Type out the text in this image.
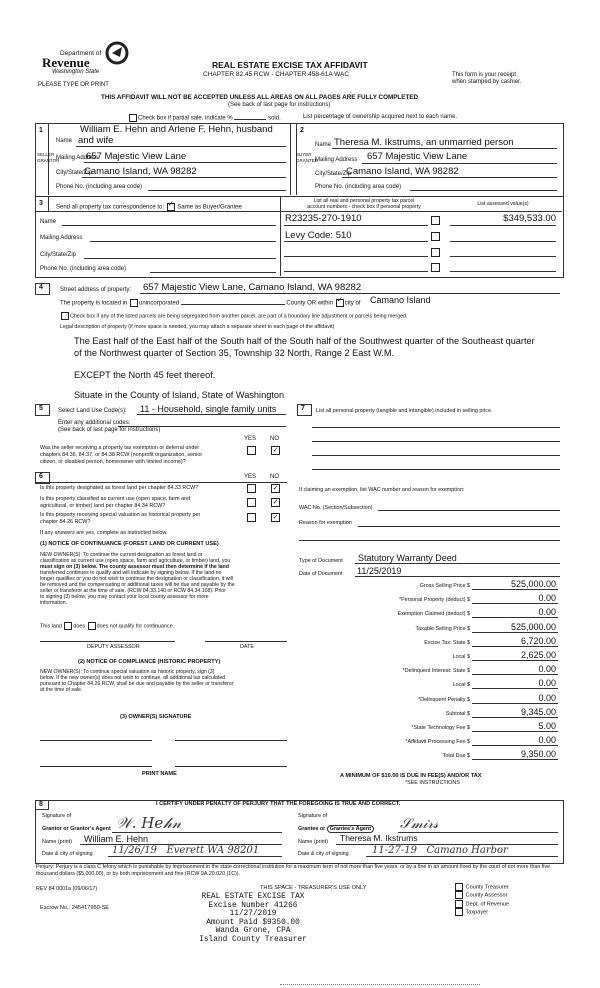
Department of
Revenue
Washington State
PLEASE TYPE OR PRINT
REAL ESTATE EXCISE TAX AFFIDAVIT
CHAPTER 82.45 RCW - CHAPTER 458-61A WAC	This form is your receipt
when stamped by cashier.
THIS AFFIDAVIT WILL NOT BE ACCEPTED UNLESS ALL AREAS ON ALL PAGES ARE FULLY COMPLETED
(See back of last page for instructions)
Check box if partial sale, indicate %	sold.	List percentage of ownership acquired next to each name.
1	2
SELLER GRANTOR
BUYER GRANTEE
William E. Hehn and Arlene F. Hehn, husband
Name and wife
Mailing Address
657 Majestic View Lane
City/State/Zip
Camano Island, WA 98282
Phone No. (including area code)
Name Theresa M. Ikstrums, an unmarried person
Mailing Address 657 Majestic View Lane
City/State/Zip
Camano Island, WA 98282
Phone No. (including area code)
3
Send all property tax correspondence to: ✓ Same as Buyer/Grantee
Name
Mailing Address
City/State/Zip
Phone No. (including area code)
List all real and personal property tax parcel
account numbers - check box if personal property	List assessed value(s)
R23235-270-1910	$349,533.00
Levy Code: 510
4	Street address of property: 657 Majestic View Lane, Camano Island, WA 98282
The property is located in unincorporated	County OR within ✓ city of Camano Island
Check box if any of the listed parcels are being segregated from another parcel, are part of a boundary line adjustment or parcels being merged.
Legal description of property (if more space is needed, you may attach a separate sheet to each page of the affidavit)
The East half of the East half of the South half of the South half of the Southwest quarter of the Southeast quarter
of the Northwest quarter of Section 35, Township 32 North, Range 2 East W.M.
EXCEPT the North 45 feet thereof.
Situate in the County of Island, State of Washington
5	Select Land Use Code(s): 11 - Household, single family units
Enter any additional codes:
(See back of last page for instructions)
YES NO
Was the seller receiving a property tax exemption or deferral under
chapters 84.36, 84.37, or 84.38 RCW (nonprofit organization, senior
citizen, or disabled person, homeowner with limited income)?
✓
6	YES NO
Is this property designated as forest land per chapter 84.33 RCW?	✓
Is this property classified as current use (open space, farm and
agricultural, or timber) land per chapter 84.34 RCW?	✓
Is this property receiving special valuation as historical property per
chapter 84.26 RCW?
✓
If any answers are yes, complete as instructed below.
(1) NOTICE OF CONTINUANCE (FOREST LAND OR CURRENT USE)
NEW OWNER(S): To continue the current designation as forest land or
classification as current use (open space, farm and agriculture, or timber) land, you
must sign on (3) below. The county assessor must then determine if the land
transferred continues to qualify and will indicate by signing below. If the land no
longer qualifies or you do not wish to continue the designation or classification, it will
be removed and the compensating or additional taxes will be due and payable by the
seller or transferor at the time of sale. (RCW 84.33.140 or RCW 84.34.108). Prior
to signing (3) below, you may contact your local county assessor for more
information.
This land does does not qualify for continuance.
DEPUTY ASSESSOR	DATE
(2) NOTICE OF COMPLIANCE (HISTORIC PROPERTY)
NEW OWNER(S): To continue special valuation as historic property, sign (3)
below. If the new owner(s) does not wish to continue, all additional tax calculated
pursuant to Chapter 84.26 RCW, shall be due and payable by the seller or transferor
at the time of sale.
(3) OWNER(S) SIGNATURE
PRINT NAME
7 List all personal property (tangible and intangible) included in selling price.
If claiming an exemption, list WAC number and reason for exemption:
WAC No. (Section/Subsection)
Reason for exemption
Type of Document Statutory Warranty Deed
Date of Document 11/25/2019
Gross Selling Price $	525,000.00
*Personal Property (deduct) $	0.00
Exemption Claimed (deduct) $	0.00
Taxable Selling Price $	525,000.00
Excise Tax: State $	6,720.00
Local $	2,625.00
*Delinquent Interest: State $	0.00
Local $	0.00
*Delinquent Penalty $	0.00
Subtotal $	9,345.00
*State Technology Fee $	5.00
*Affidavit Processing Fee $	0.00
Total Due $	9,350.00
A MINIMUM OF $10.00 IS DUE IN FEE(S) AND/OR TAX
*SEE INSTRUCTIONS
8	I CERTIFY UNDER PENALTY OF PERJURY THAT THE FOREGOING IS TRUE AND CORRECT.
Signature of
Grantor or Grantor's Agent 𝒲. 𝐻𝑒𝒽𝓃
Name (print) William E. Hehn
Date & city of signing 11/26/19   Everett WA 98201
Signature of
Grantee or Grantee's Agent 𝒮𝓂𝒾𝓇𝓈
Name (print) Theresa M. Ikstrums
Date & city of signing 11-27-19   Camano Harbor
Perjury: Perjury is a class C felony which is punishable by imprisonment in the state correctional institution for a maximum term of not more than five years, or by a fine in an amount fixed by the court of not more than five thousand dollars ($5,000.00), or by both imprisonment and fine (RCW 9A.20.020 (1C)).
REV 84 0001a (09/06/17)	THIS SPACE - TREASURER'S USE ONLY
Escrow No.: 245417950-SE
REAL ESTATE EXCISE TAX
Excise Number 41266
11/27/2019
Amount Paid $9350.00
Wanda Grone, CPA
Island County Treasurer
County Treasurer
County Assessor
Dept. of Revenue
Taxpayer
